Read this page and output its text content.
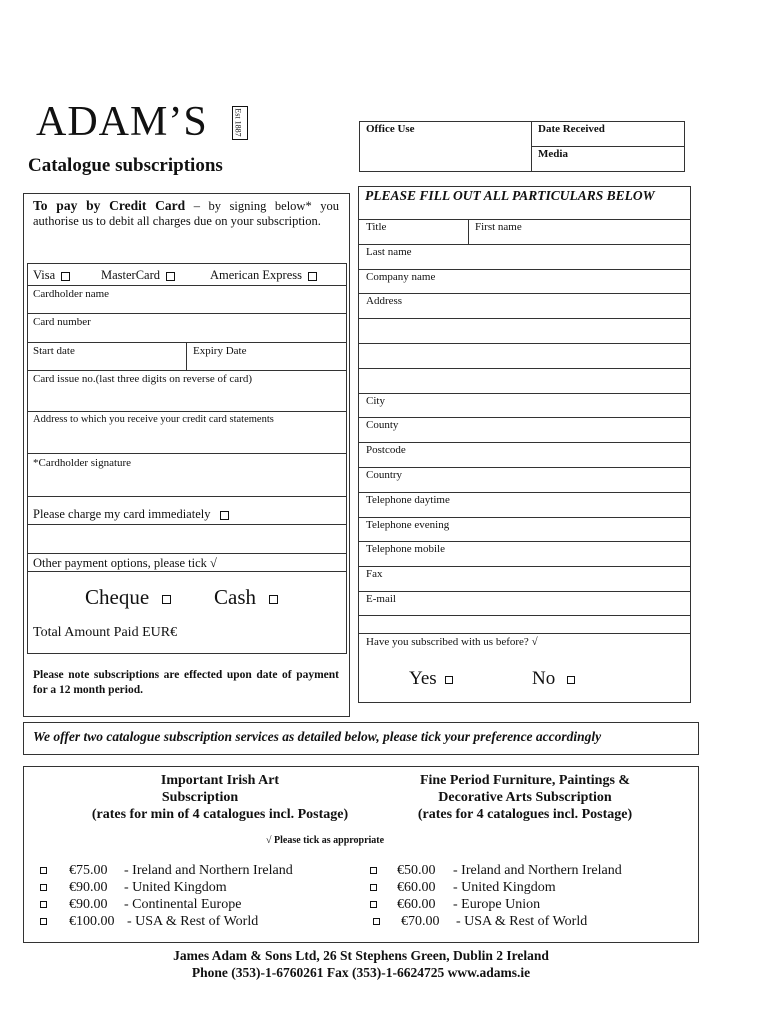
ADAM’S	Est 1887
Catalogue subscriptions
Office Use	Date Received
Media
To pay by Credit Card – by signing below* you authorise us to debit all charges due on your subscription.
Visa	MasterCard	American Express
Cardholder name
Card number
Start date	Expiry Date
Card issue no.(last three digits on reverse of card)
Address to which you receive your credit card statements
*Cardholder signature
Please charge my card immediately
Other payment options, please tick √
Cheque	Cash
Total Amount Paid EUR€
Please note subscriptions are effected upon date of payment for a 12 month period.
PLEASE FILL OUT ALL PARTICULARS BELOW
Title	First name
Last name
Company name
Address
City
County
Postcode
Country
Telephone daytime
Telephone evening
Telephone mobile
Fax
E-mail
Have you subscribed with us before? √
Yes	No
We offer two catalogue subscription services as detailed below, please tick your preference accordingly
Important Irish Art
Subscription
(rates for min of 4 catalogues incl. Postage)
Fine Period Furniture, Paintings &
Decorative Arts Subscription
(rates for 4 catalogues incl. Postage)
√ Please tick as appropriate
€75.00 - Ireland and Northern Ireland
€90.00 - United Kingdom
€90.00 - Continental Europe
€100.00 - USA & Rest of World
€50.00 - Ireland and Northern Ireland
€60.00 - United Kingdom
€60.00 - Europe Union
€70.00 - USA & Rest of World
James Adam & Sons Ltd, 26 St Stephens Green, Dublin 2 Ireland
Phone (353)-1-6760261 Fax (353)-1-6624725 www.adams.ie
